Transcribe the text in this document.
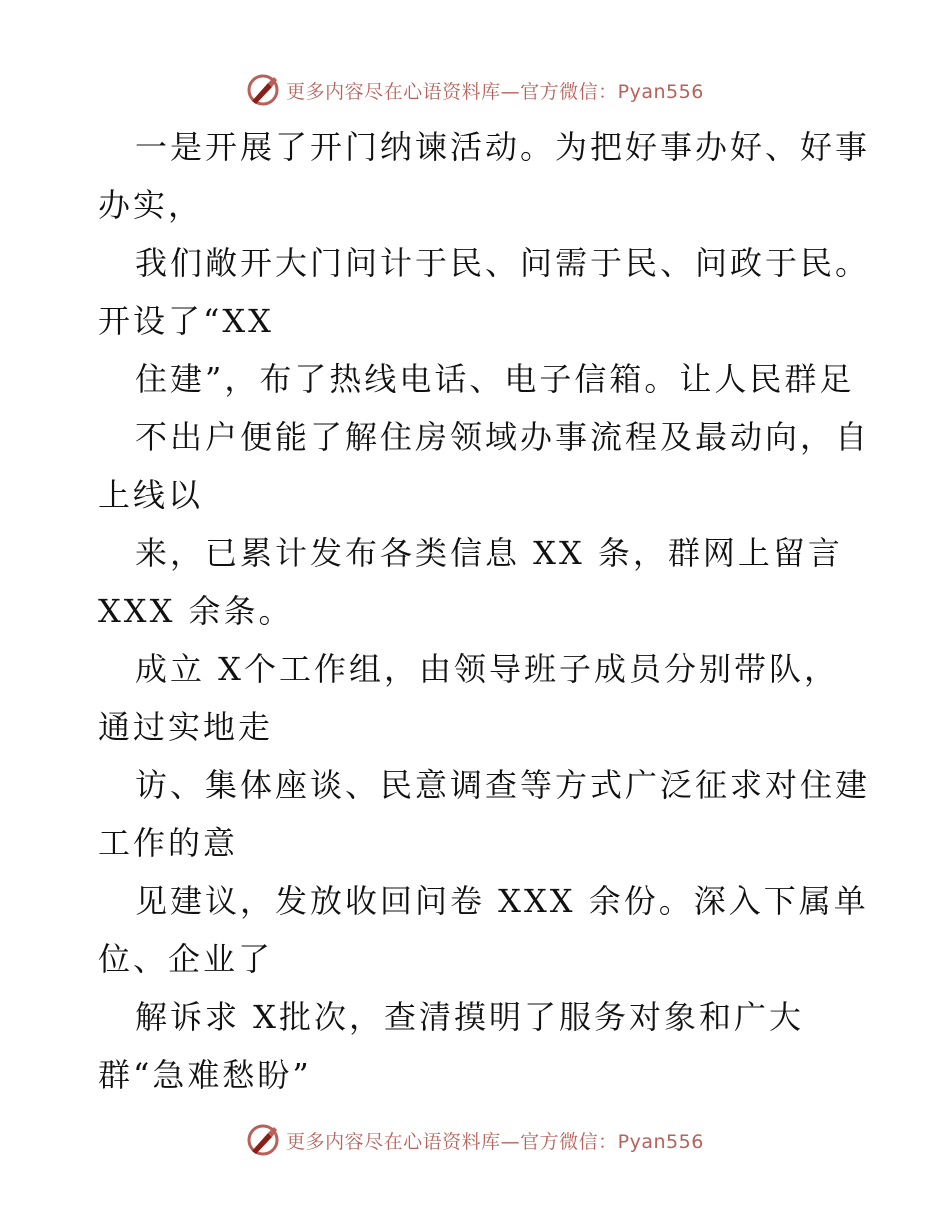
更多内容尽在心语资料库—官方微信：Pyan556
一是开展了开门纳谏活动。为把好事办好、好事
办实，
我们敞开大门问计于民、问需于民、问政于民。
开设了“XX
住建”，布了热线电话、电子信箱。让人民群足
不出户便能了解住房领域办事流程及最动向，自
上线以
来，已累计发布各类信息 XX 条，群网上留言
XXX 余条。
成立 X个工作组，由领导班子成员分别带队，
通过实地走
访、集体座谈、民意调查等方式广泛征求对住建
工作的意
见建议，发放收回问卷 XXX 余份。深入下属单
位、企业了
解诉求 X批次，查清摸明了服务对象和广大
群“急难愁盼”
更多内容尽在心语资料库—官方微信：Pyan556
